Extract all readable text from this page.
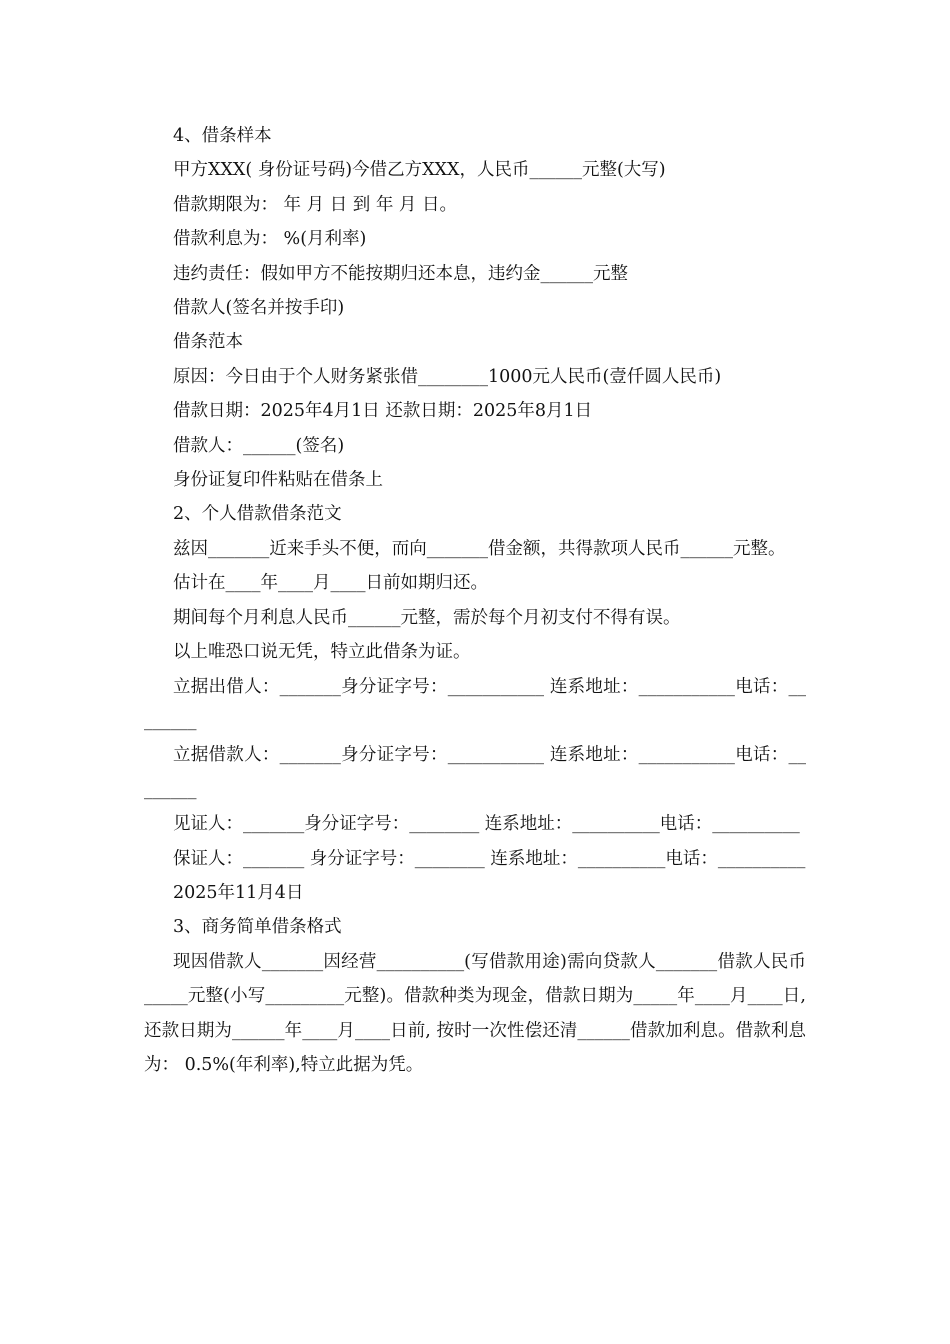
4、借条样本

甲方XXX( 身份证号码)今借乙方XXX，人民币______元整(大写)

借款期限为： 年 月 日 到 年 月 日。

借款利息为： %(月利率)

违约责任：假如甲方不能按期归还本息，违约金______元整

借款人(签名并按手印)

借条范本

原因：今日由于个人财务紧张借________1000元人民币(壹仟圆人民币)

借款日期：2025年4月1日 还款日期：2025年8月1日

借款人：______(签名)

身份证复印件粘贴在借条上

2、个人借款借条范文

兹因_______近来手头不便，而向_______借金额，共得款项人民币______元整。

估计在____年____月____日前如期归还。

期间每个月利息人民币______元整，需於每个月初支付不得有误。

以上唯恐口说无凭，特立此借条为证。

立据出借人：_______身分证字号：___________ 连系地址：___________电话：________

立据借款人：_______身分证字号：___________ 连系地址：___________电话：________

见证人：_______身分证字号：________ 连系地址：__________电话：__________

保证人：_______ 身分证字号：________ 连系地址：__________电话：__________

2025年11月4日

3、商务简单借条格式

现因借款人_______因经营__________(写借款用途)需向贷款人_______借款人民币_____元整(小写_________元整)。借款种类为现金，借款日期为_____年____月____日,还款日期为______年____月____日前, 按时一次性偿还清______借款加利息。借款利息为： 0.5%(年利率),特立此据为凭。
